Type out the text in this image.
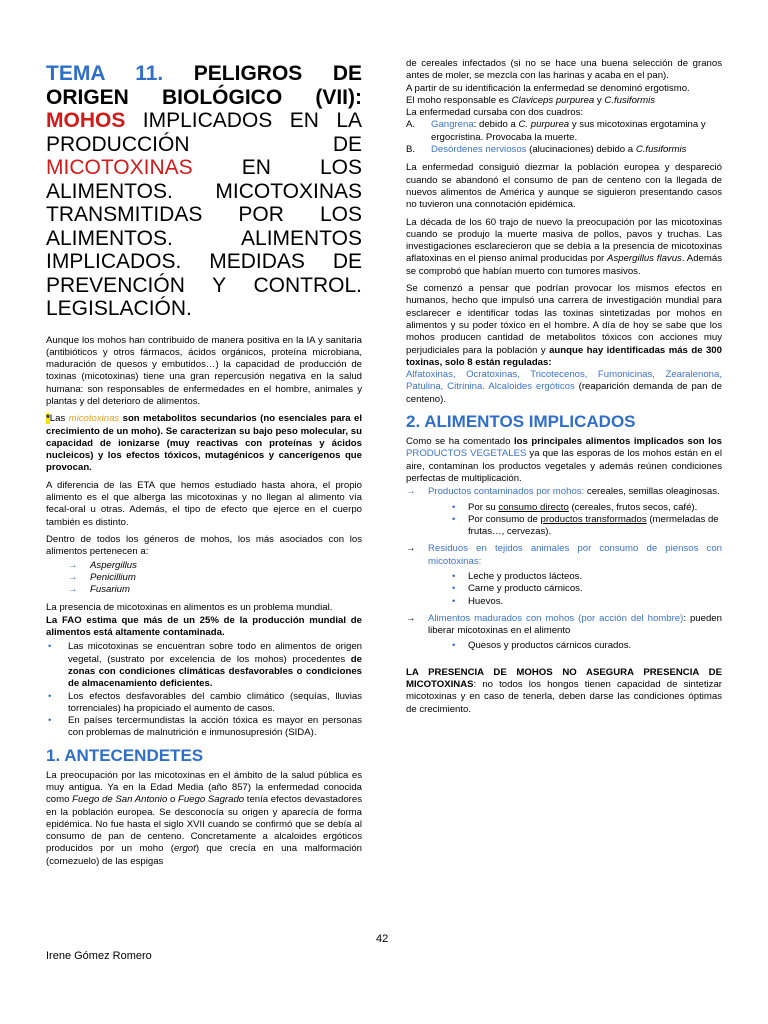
TEMA 11. PELIGROS DE ORIGEN BIOLÓGICO (VII): MOHOS IMPLICADOS EN LA PRODUCCIÓN DE MICOTOXINAS EN LOS ALIMENTOS. MICOTOXINAS TRANSMITIDAS POR LOS ALIMENTOS. ALIMENTOS IMPLICADOS. MEDIDAS DE PREVENCIÓN Y CONTROL. LEGISLACIÓN.

Aunque los mohos han contribuido de manera positiva en la IA y sanitaria (antibióticos y otros fármacos, ácidos orgánicos, proteína microbiana, maduración de quesos y embutidos…) la capacidad de producción de toxinas (micotoxinas) tiene una gran repercusión negativa en la salud humana: son responsables de enfermedades en el hombre, animales y plantas y del deterioro de alimentos.

*Las micotoxinas son metabolitos secundarios (no esenciales para el crecimiento de un moho). Se caracterizan su bajo peso molecular, su capacidad de ionizarse (muy reactivas con proteínas y ácidos nucleicos) y los efectos tóxicos, mutagénicos y cancerígenos que provocan.

A diferencia de las ETA que hemos estudiado hasta ahora, el propio alimento es el que alberga las micotoxinas y no llegan al alimento vía fecal-oral u otras. Además, el tipo de efecto que ejerce en el cuerpo también es distinto.

Dentro de todos los géneros de mohos, los más asociados con los alimentos pertenecen a:

→ Aspergillus
→ Penicillium
→ Fusarium

La presencia de micotoxinas en alimentos es un problema mundial.

La FAO estima que más de un 25% de la producción mundial de alimentos está altamente contaminada.

• Las micotoxinas se encuentran sobre todo en alimentos de origen vegetal, (sustrato por excelencia de los mohos) procedentes de zonas con condiciones climáticas desfavorables o condiciones de almacenamiento deficientes.
• Los efectos desfavorables del cambio climático (sequías, lluvias torrenciales) ha propiciado el aumento de casos.
• En países tercermundistas la acción tóxica es mayor en personas con problemas de malnutrición e inmunosupresión (SIDA).
1. ANTECENDETES

La preocupación por las micotoxinas en el ámbito de la salud pública es muy antigua. Ya en la Edad Media (año 857) la enfermedad conocida como Fuego de San Antonio o Fuego Sagrado tenía efectos devastadores en la población europea. Se desconocía su origen y aparecía de forma epidémica. No fue hasta el siglo XVII cuando se confirmó que se debía al consumo de pan de centeno. Concretamente a alcaloides ergóticos producidos por un moho (ergot) que crecía en una malformación (cornezuelo) de las espigas

de cereales infectados (si no se hace una buena selección de granos antes de moler, se mezcla con las harinas y acaba en el pan).

A partir de su identificación la enfermedad se denominó ergotismo.

El moho responsable es Claviceps purpurea y C.fusiformis

La enfermedad cursaba con dos cuadros:

A. Gangrena: debido a C. purpurea y sus micotoxinas ergotamina y ergocristina. Provocaba la muerte.
B. Desórdenes nerviosos (alucinaciones) debido a C.fusiformis

La enfermedad consiguió diezmar la población europea y despareció cuando se abandonó el consumo de pan de centeno con la llegada de nuevos alimentos de América y aunque se siguieron presentando casos no tuvieron una connotación epidémica.

La década de los 60 trajo de nuevo la preocupación por las micotoxinas cuando se produjo la muerte masiva de pollos, pavos y truchas. Las investigaciones esclarecieron que se debía a la presencia de micotoxinas aflatoxinas en el pienso animal producidas por Aspergillus flavus. Además se comprobó que habían muerto con tumores masivos.

Se comenzó a pensar que podrían provocar los mismos efectos en humanos, hecho que impulsó una carrera de investigación mundial para esclarecer e identificar todas las toxinas sintetizadas por mohos en alimentos y su poder tóxico en el hombre. A día de hoy se sabe que los mohos producen cantidad de metabolitos tóxicos con acciones muy perjudiciales para la población y aunque hay identificadas más de 300 toxinas, solo 8 están reguladas:

Alfatoxinas, Ocratoxinas, Tricotecenos, Fumonicinas, Zearalenona, Patulina, Citrinina. Alcaloides ergóticos (reaparición demanda de pan de centeno).

2. ALIMENTOS IMPLICADOS

Como se ha comentado los principales alimentos implicados son los PRODUCTOS VEGETALES ya que las esporas de los mohos están en el aire, contaminan los productos vegetales y además reúnen condiciones perfectas de multiplicación.

→ Productos contaminados por mohos: cereales, semillas oleaginosas.
• Por su consumo directo (cereales, frutos secos, café).
• Por consumo de productos transformados (mermeladas de frutas…, cervezas).
→ Residuos en tejidos animales por consumo de piensos con micotoxinas:
• Leche y productos lácteos.
• Carne y producto cárnicos.
• Huevos.
→ Alimentos madurados con mohos (por acción del hombre): pueden liberar micotoxinas en el alimento
• Quesos y productos cárnicos curados.

LA PRESENCIA DE MOHOS NO ASEGURA PRESENCIA DE MICOTOXINAS: no todos los hongos tienen capacidad de sintetizar micotoxinas y en caso de tenerla, deben darse las condiciones óptimas de crecimiento.

42
Irene Gómez Romero
